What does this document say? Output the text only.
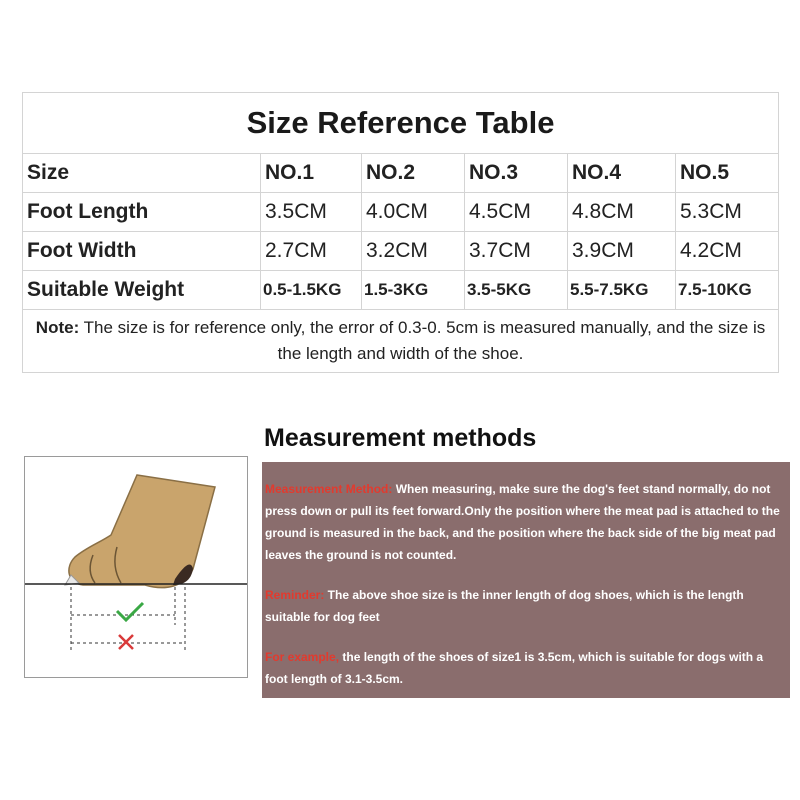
Size Reference Table					
Size	NO.1	NO.2	NO.3	NO.4	NO.5
Foot Length	3.5CM	4.0CM	4.5CM	4.8CM	5.3CM
Foot Width	2.7CM	3.2CM	3.7CM	3.9CM	4.2CM
Suitable Weight	0.5-1.5KG	1.5-3KG	3.5-5KG	5.5-7.5KG	7.5-10KG
Note: The size is for reference only, the error of 0.3-0. 5cm is measured manually, and the size is the length and width of the shoe.					
Measurement methods

Measurement Method: When measuring, make sure the dog's feet stand normally, do not press down or pull its feet forward.Only the position where the meat pad is attached to the ground is measured in the back, and the position where the back side of the big meat pad leaves the ground is not counted.

Reminder: The above shoe size is the inner length of dog shoes, which is the length suitable for dog feet

For example, the length of the shoes of size1 is 3.5cm, which is suitable for dogs with a foot length of 3.1-3.5cm.
